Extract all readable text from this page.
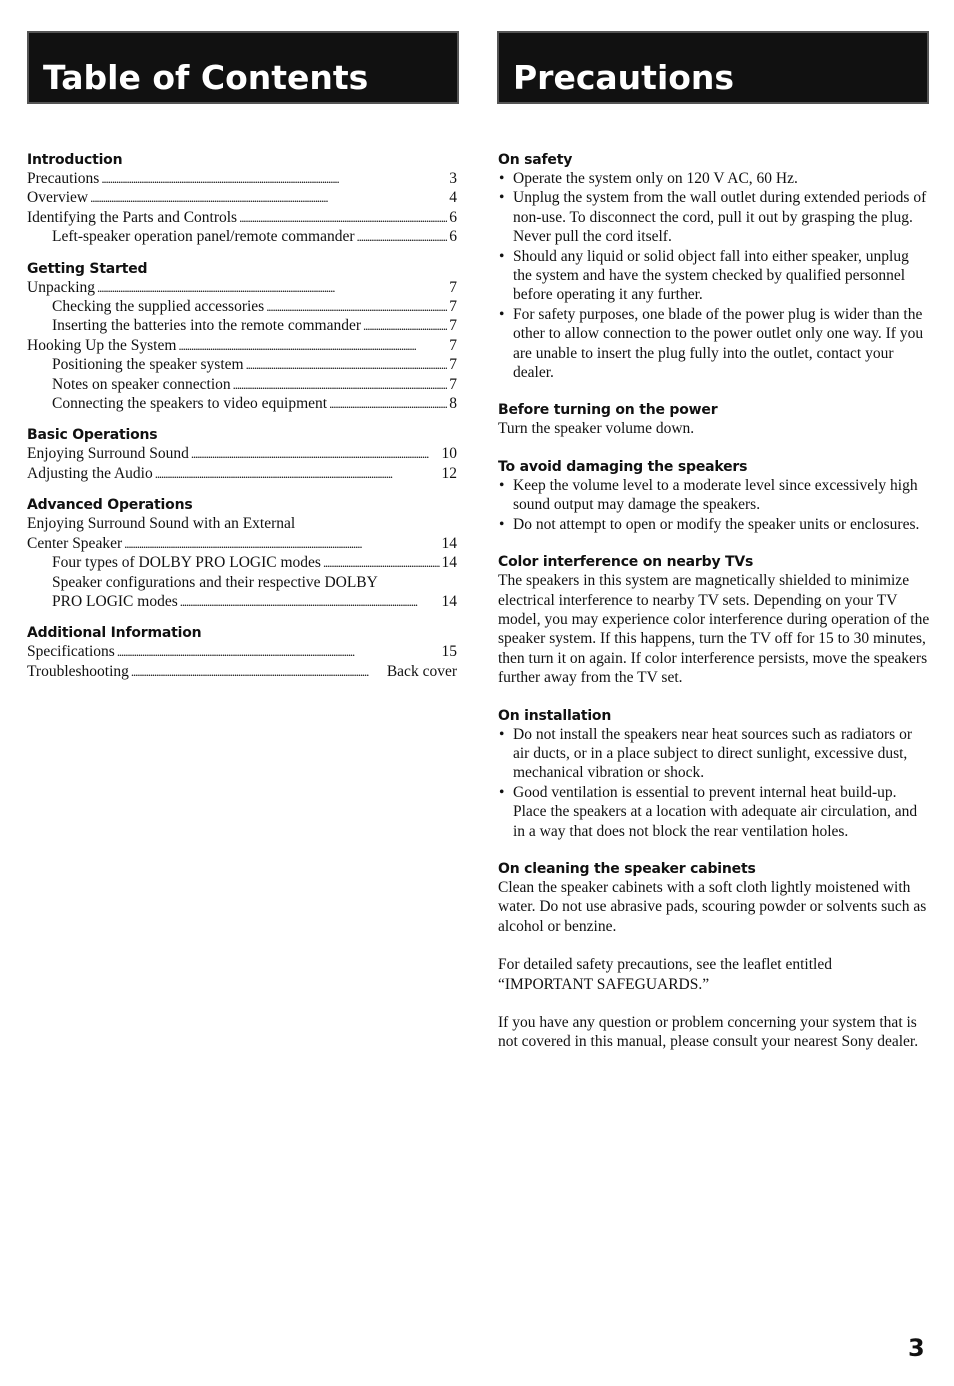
Table of Contents	Precautions
Introduction
Precautions . . .	3
Overview . . .	4
Identifying the Parts and Controls . . .	6
Left-speaker operation panel/remote commander . . .	6
Getting Started
Unpacking . . .	7
Checking the supplied accessories . . .	7
Inserting the batteries into the remote commander . . .	7
Hooking Up the System . . .	7
Positioning the speaker system . . .	7
Notes on speaker connection . . .	7
Connecting the speakers to video equipment . . .	8
Basic Operations
Enjoying Surround Sound . . .	10
Adjusting the Audio . . .	12
Advanced Operations
Enjoying Surround Sound with an External
Center Speaker . . .	14
Four types of DOLBY PRO LOGIC modes . . .	14
Speaker configurations and their respective DOLBY
PRO LOGIC modes . . .	14
Additional Information
Specifications . . .	15
Troubleshooting . . .	Back cover
On safety
• Operate the system only on 120 V AC, 60 Hz.
• Unplug the system from the wall outlet during extended periods of non-use. To disconnect the cord, pull it out by grasping the plug. Never pull the cord itself.
• Should any liquid or solid object fall into either speaker, unplug the system and have the system checked by qualified personnel before operating it any further.
• For safety purposes, one blade of the power plug is wider than the other to allow connection to the power outlet only one way. If you are unable to insert the plug fully into the outlet, contact your dealer.
Before turning on the power
Turn the speaker volume down.
To avoid damaging the speakers
• Keep the volume level to a moderate level since excessively high sound output may damage the speakers.
• Do not attempt to open or modify the speaker units or enclosures.
Color interference on nearby TVs
The speakers in this system are magnetically shielded to minimize electrical interference to nearby TV sets. Depending on your TV model, you may experience color interference during operation of the speaker system. If this happens, turn the TV off for 15 to 30 minutes, then turn it on again. If color interference persists, move the speakers further away from the TV set.
On installation
• Do not install the speakers near heat sources such as radiators or air ducts, or in a place subject to direct sunlight, excessive dust, mechanical vibration or shock.
• Good ventilation is essential to prevent internal heat build-up. Place the speakers at a location with adequate air circulation, and in a way that does not block the rear ventilation holes.
On cleaning the speaker cabinets
Clean the speaker cabinets with a soft cloth lightly moistened with water. Do not use abrasive pads, scouring powder or solvents such as alcohol or benzine.
For detailed safety precautions, see the leaflet entitled “IMPORTANT SAFEGUARDS.”
If you have any question or problem concerning your system that is not covered in this manual, please consult your nearest Sony dealer.
3
